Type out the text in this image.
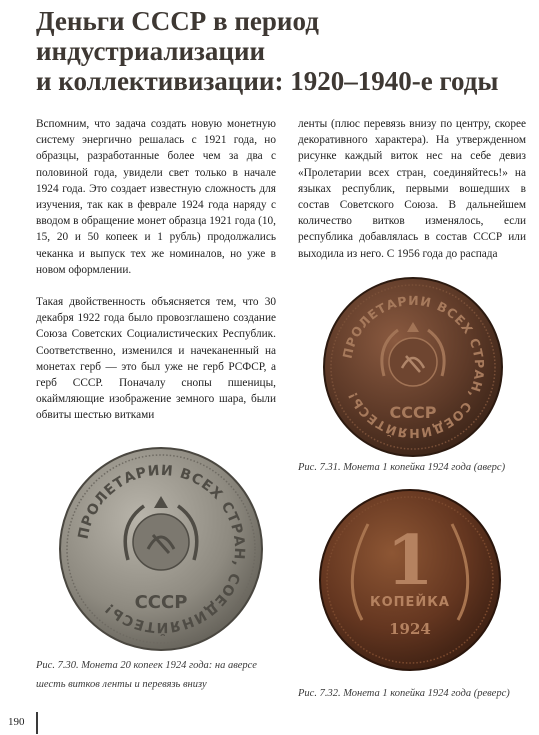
Деньги СССР в период
индустриализации
и коллективизации: 1920–1940-е годы

Вспомним, что задача создать новую монетную систему энергично решалась с 1921 года, но образцы, разработанные более чем за два с половиной года, увидели свет только в начале 1924 года. Это создает известную сложность для изучения, так как в феврале 1924 года наряду с вводом в обращение монет образца 1921 года (10, 15, 20 и 50 копеек и 1 рубль) продолжались чеканка и выпуск тех же номиналов, но уже в новом оформлении.

Такая двойственность объясняется тем, что 30 декабря 1922 года было провозглашено создание Союза Советских Социалистических Республик. Соответственно, изменился и начеканенный на монетах герб — это был уже не герб РСФСР, а герб СССР. Поначалу снопы пшеницы, окаймляющие изображение земного шара, были обвиты шестью витками

ленты (плюс перевязь внизу по центру, скорее декоративного характера). На утвержденном рисунке каждый виток нес на себе девиз «Пролетарии всех стран, соединяйтесь!» на языках республик, первыми вошедших в состав Советского Союза. В дальнейшем количество витков изменялось, если республика добавлялась в состав СССР или выходила из него. С 1956 года до распада

ПРОЛЕТАРИИ ВСЕХ СТРАН, СОЕДИНЯЙТЕСЬ!
СССР
Рис. 7.31. Монета 1 копейка 1924 года (аверс)
ПРОЛЕТАРИИ ВСЕХ СТРАН, СОЕДИНЯЙТЕСЬ! СССР
Рис. 7.30. Монета 20 копеек 1924 года: на аверсе
шесть витков ленты и перевязь внизу
1
КОПЕЙКА
1924
Рис. 7.32. Монета 1 копейка 1924 года (реверс)
190
